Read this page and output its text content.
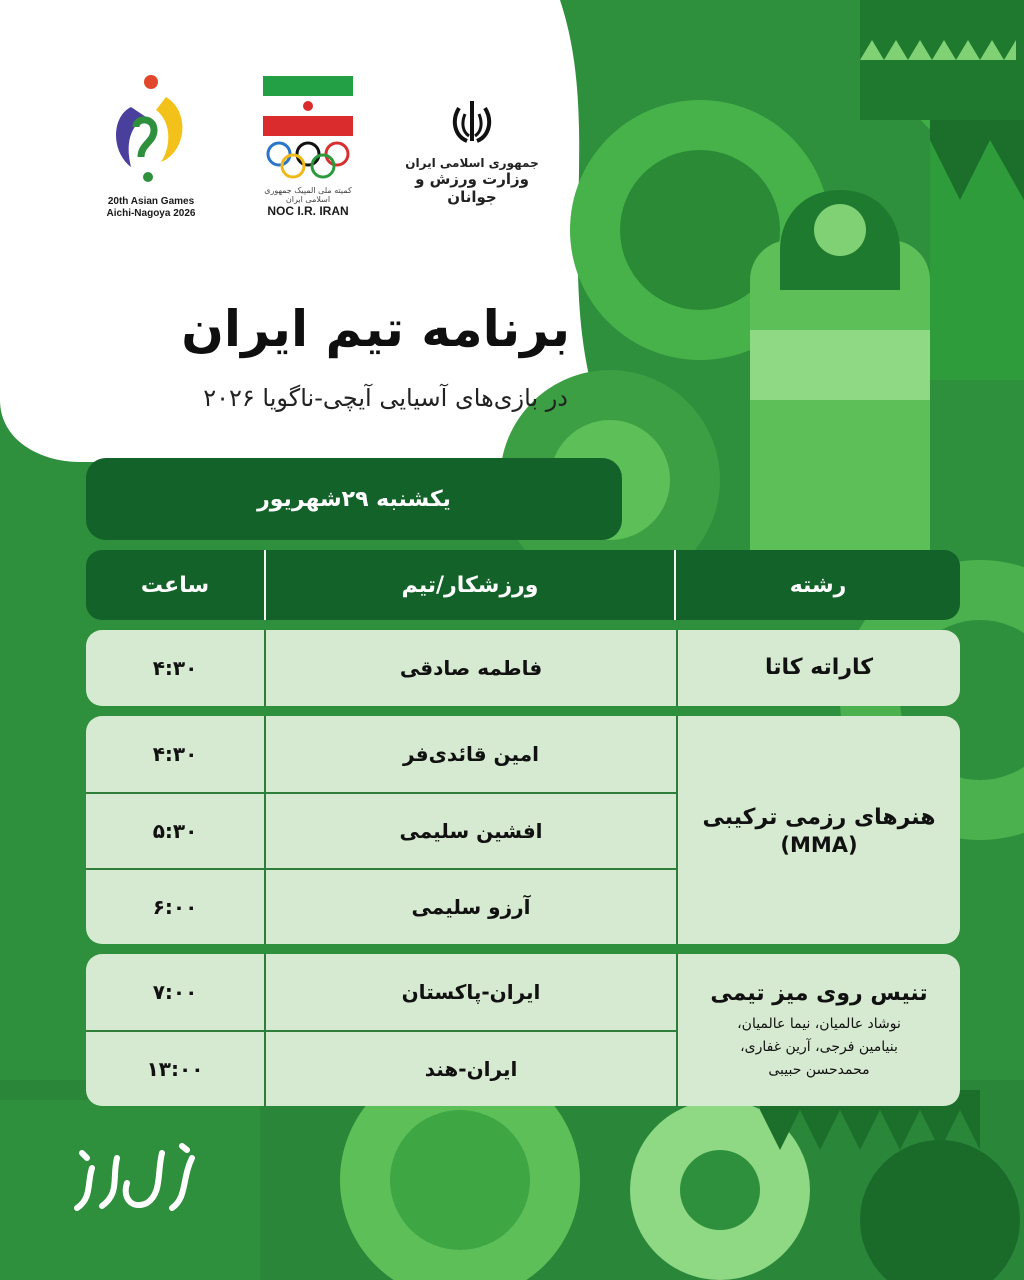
20th Asian Games
Aichi-Nagoya 2026

کمیته ملی المپیک جمهوری اسلامی ایران
NOC I.R. IRAN
جمهوری اسلامی ایران
وزارت ورزش و جوانان
برنامه تیم ایران
در بازی‌های آسیایی آیچی-ناگویا ۲۰۲۶
یکشنبه ۲۹شهریور
رشته
ورزشکار/تیم
ساعت
کاراته کاتا
فاطمه صادقی
۴:۳۰
هنرهای رزمی ترکیبی
(MMA)
امین قائدی‌فر
۴:۳۰
افشین سلیمی
۵:۳۰
آرزو سلیمی
۶:۰۰
تنیس روی میز تیمی
نوشاد عالمیان، نیما عالمیان،
بنیامین فرجی، آرین غفاری،
محمدحسن حبیبی
ایران-پاکستان
۷:۰۰
ایران-هند
۱۳:۰۰
